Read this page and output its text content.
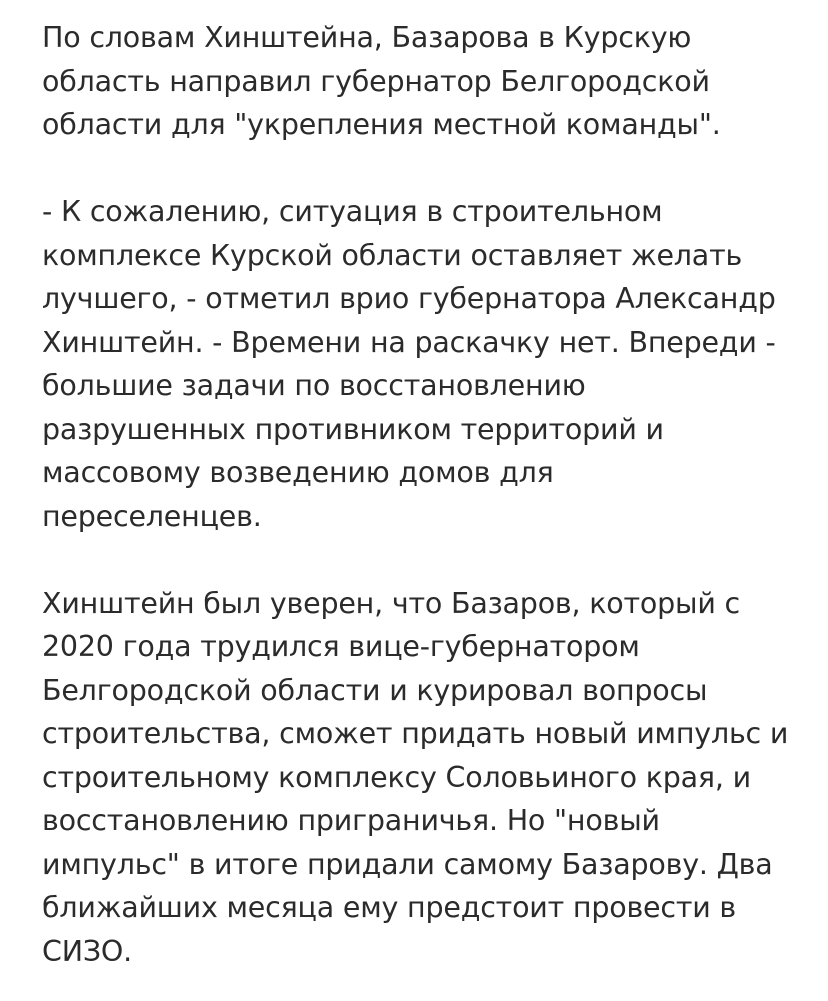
По словам Хинштейна, Базарова в Курскую
область направил губернатор Белгородской
области для "укрепления местной команды".

- К сожалению, ситуация в строительном
комплексе Курской области оставляет желать
лучшего, - отметил врио губернатора Александр
Хинштейн. - Времени на раскачку нет. Впереди -
большие задачи по восстановлению
разрушенных противником территорий и
массовому возведению домов для
переселенцев.

Хинштейн был уверен, что Базаров, который с
2020 года трудился вице-губернатором
Белгородской области и курировал вопросы
строительства, сможет придать новый импульс и
строительному комплексу Соловьиного края, и
восстановлению приграничья. Но "новый
импульс" в итоге придали самому Базарову. Два
ближайших месяца ему предстоит провести в
СИЗО.
